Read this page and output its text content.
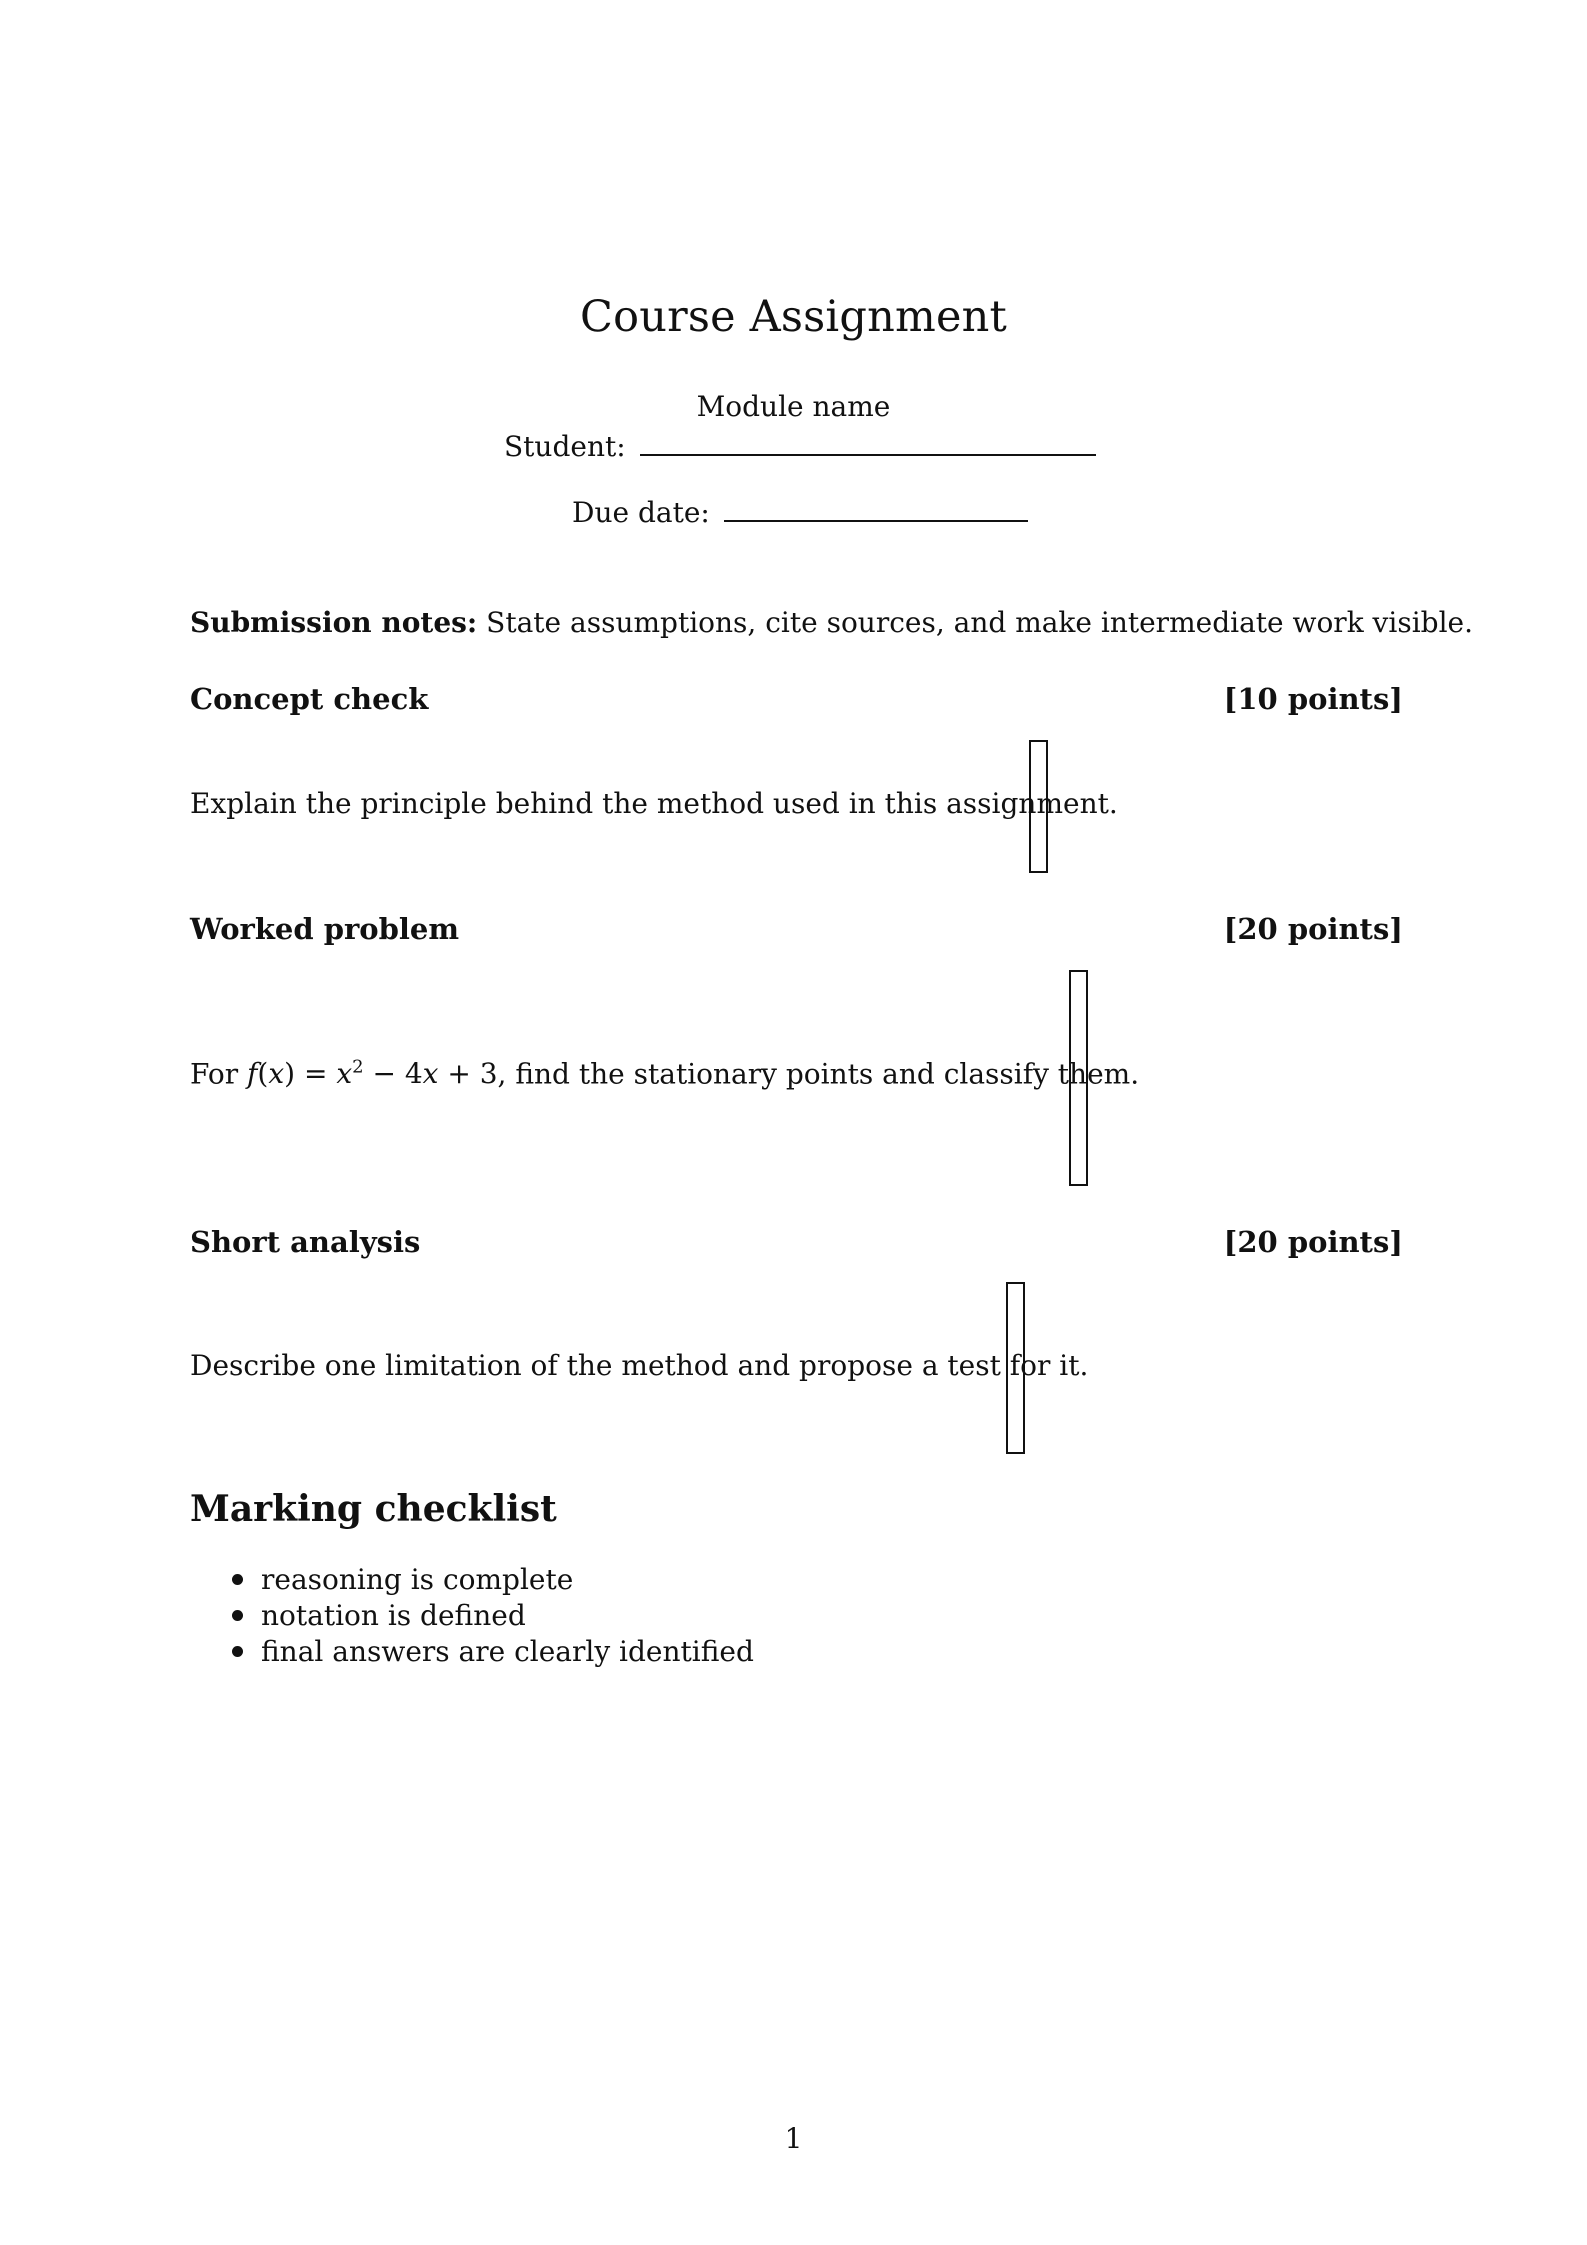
Course Assignment
Module name
Student:
Due date:
Submission notes: State assumptions, cite sources, and make intermediate work visible.
Concept check	[10 points]
Explain the principle behind the method used in this assignment.
Worked problem	[20 points]
For $f(x) = x^2 - 4x + 3$, find the stationary points and classify them.
Short analysis	[20 points]
Describe one limitation of the method and propose a test for it.
Marking checklist
reasoning is complete
notation is defined
final answers are clearly identified
1
